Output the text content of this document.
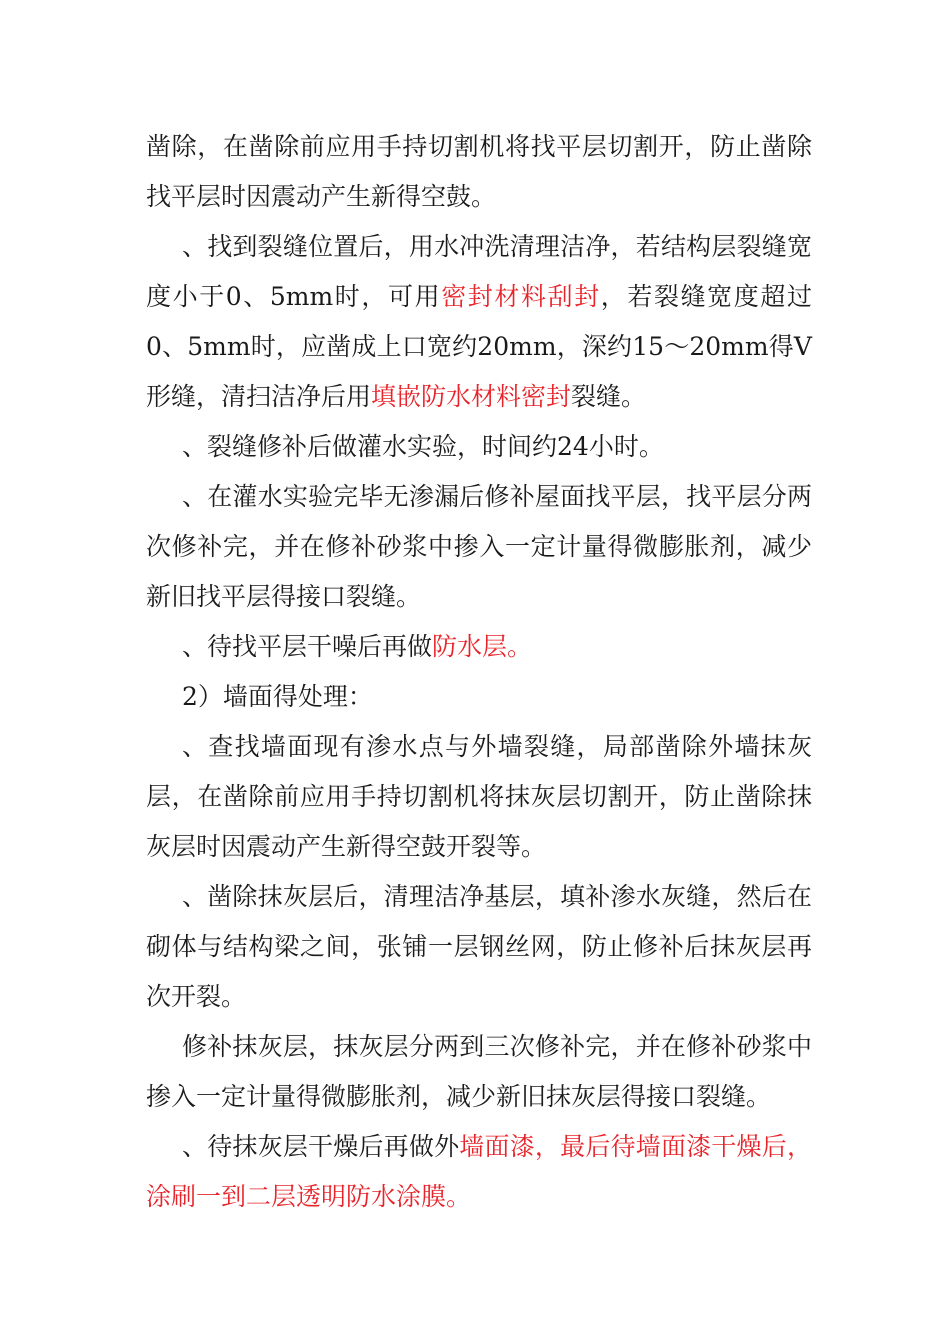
凿除，在凿除前应用手持切割机将找平层切割开，防止凿除找平层时因震动产生新得空鼓。

、找到裂缝位置后，用水冲洗清理洁净，若结构层裂缝宽度小于0、5mm时，可用密封材料刮封，若裂缝宽度超过0、5mm时，应凿成上口宽约20mm，深约15～20mm得V形缝，清扫洁净后用填嵌防水材料密封裂缝。

、裂缝修补后做灌水实验，时间约24小时。

、在灌水实验完毕无渗漏后修补屋面找平层，找平层分两次修补完，并在修补砂浆中掺入一定计量得微膨胀剂，减少新旧找平层得接口裂缝。

、待找平层干噪后再做防水层。

2）墙面得处理：

、查找墙面现有渗水点与外墙裂缝，局部凿除外墙抹灰层，在凿除前应用手持切割机将抹灰层切割开，防止凿除抹灰层时因震动产生新得空鼓开裂等。

、凿除抹灰层后，清理洁净基层，填补渗水灰缝，然后在砌体与结构梁之间，张铺一层钢丝网，防止修补后抹灰层再次开裂。

修补抹灰层，抹灰层分两到三次修补完，并在修补砂浆中掺入一定计量得微膨胀剂，减少新旧抹灰层得接口裂缝。

、待抹灰层干燥后再做外墙面漆，最后待墙面漆干燥后，涂刷一到二层透明防水涂膜。
